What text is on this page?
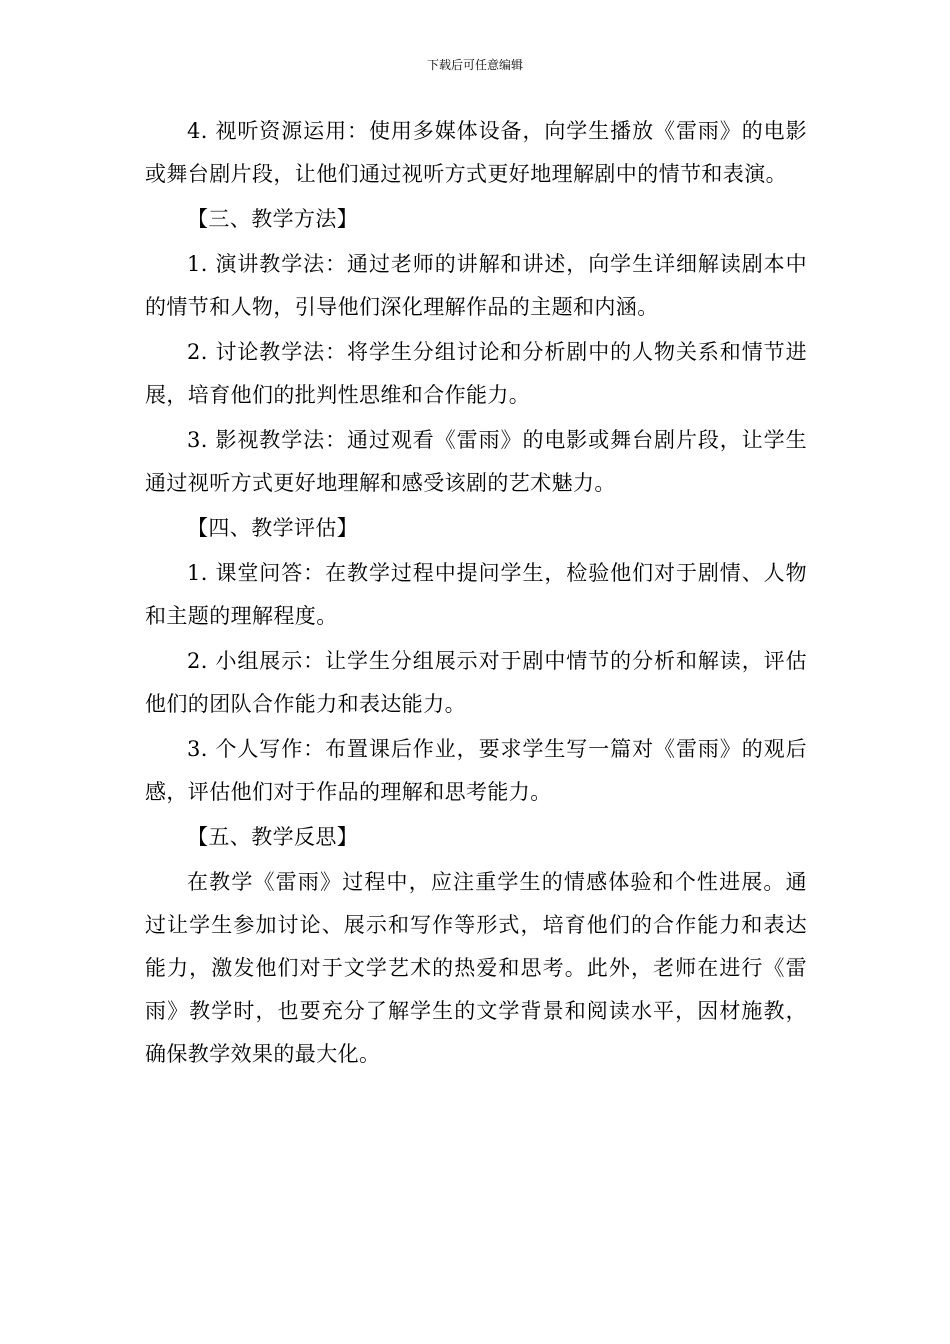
下载后可任意编辑

4. 视听资源运用：使用多媒体设备，向学生播放《雷雨》的电影或舞台剧片段，让他们通过视听方式更好地理解剧中的情节和表演。

【三、教学方法】

1. 演讲教学法：通过老师的讲解和讲述，向学生详细解读剧本中的情节和人物，引导他们深化理解作品的主题和内涵。

2. 讨论教学法：将学生分组讨论和分析剧中的人物关系和情节进展，培育他们的批判性思维和合作能力。

3. 影视教学法：通过观看《雷雨》的电影或舞台剧片段，让学生通过视听方式更好地理解和感受该剧的艺术魅力。

【四、教学评估】

1. 课堂问答：在教学过程中提问学生，检验他们对于剧情、人物和主题的理解程度。

2. 小组展示：让学生分组展示对于剧中情节的分析和解读，评估他们的团队合作能力和表达能力。

3. 个人写作：布置课后作业，要求学生写一篇对《雷雨》的观后感，评估他们对于作品的理解和思考能力。

【五、教学反思】

在教学《雷雨》过程中，应注重学生的情感体验和个性进展。通过让学生参加讨论、展示和写作等形式，培育他们的合作能力和表达能力，激发他们对于文学艺术的热爱和思考。此外，老师在进行《雷雨》教学时，也要充分了解学生的文学背景和阅读水平，因材施教，确保教学效果的最大化。
